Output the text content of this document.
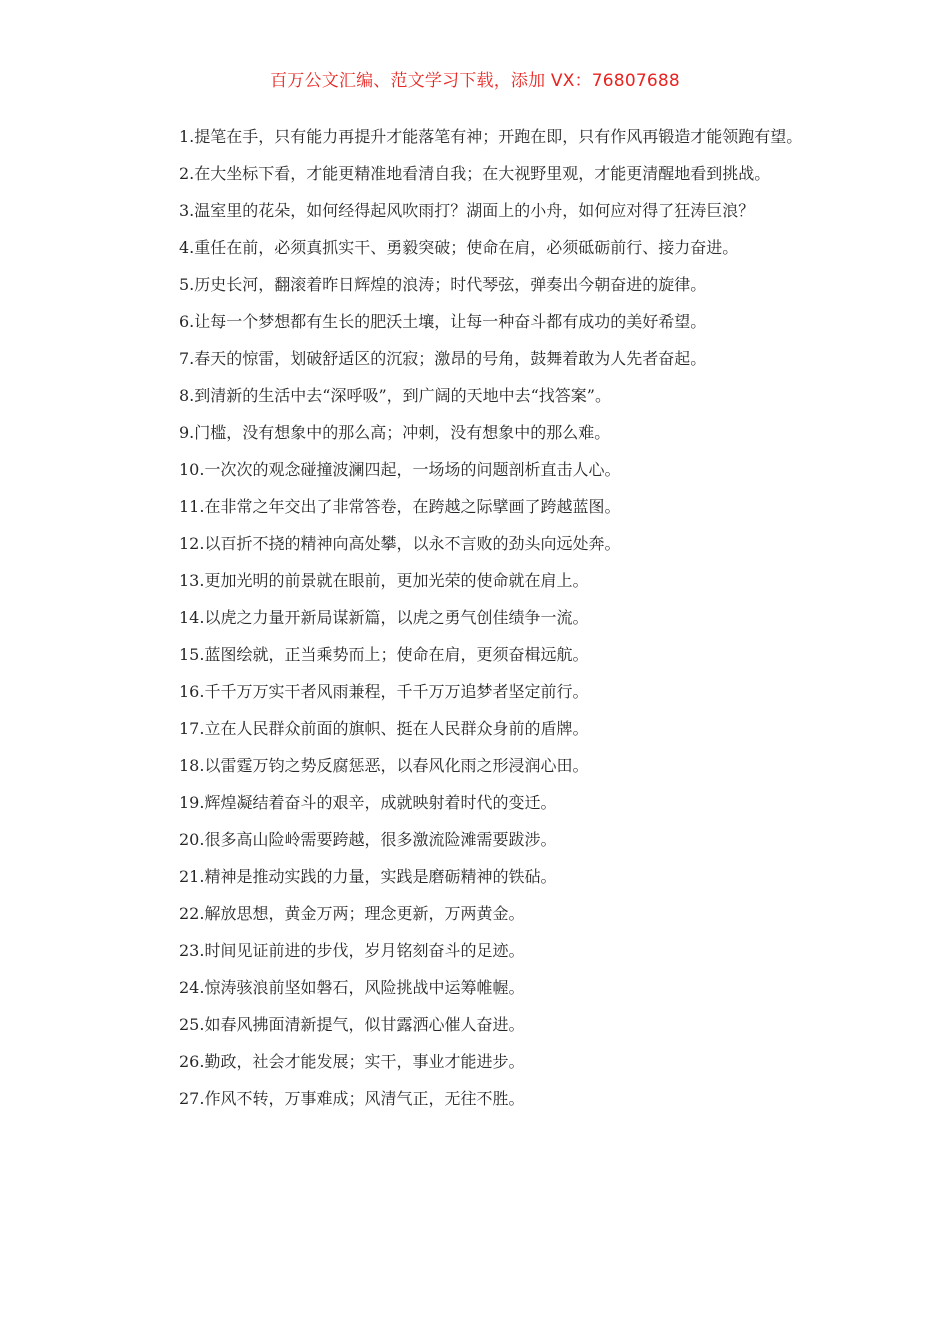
百万公文汇编、范文学习下载，添加 VX：76807688

1.提笔在手，只有能力再提升才能落笔有神；开跑在即，只有作风再锻造才能领跑有望。

2.在大坐标下看，才能更精准地看清自我；在大视野里观，才能更清醒地看到挑战。

3.温室里的花朵，如何经得起风吹雨打？湖面上的小舟，如何应对得了狂涛巨浪？

4.重任在前，必须真抓实干、勇毅突破；使命在肩，必须砥砺前行、接力奋进。

5.历史长河，翻滚着昨日辉煌的浪涛；时代琴弦，弹奏出今朝奋进的旋律。

6.让每一个梦想都有生长的肥沃土壤，让每一种奋斗都有成功的美好希望。

7.春天的惊雷，划破舒适区的沉寂；激昂的号角，鼓舞着敢为人先者奋起。

8.到清新的生活中去“深呼吸”，到广阔的天地中去“找答案”。

9.门槛，没有想象中的那么高；冲刺，没有想象中的那么难。

10.一次次的观念碰撞波澜四起，一场场的问题剖析直击人心。

11.在非常之年交出了非常答卷，在跨越之际擘画了跨越蓝图。

12.以百折不挠的精神向高处攀，以永不言败的劲头向远处奔。

13.更加光明的前景就在眼前，更加光荣的使命就在肩上。

14.以虎之力量开新局谋新篇，以虎之勇气创佳绩争一流。

15.蓝图绘就，正当乘势而上；使命在肩，更须奋楫远航。

16.千千万万实干者风雨兼程，千千万万追梦者坚定前行。

17.立在人民群众前面的旗帜、挺在人民群众身前的盾牌。

18.以雷霆万钧之势反腐惩恶，以春风化雨之形浸润心田。

19.辉煌凝结着奋斗的艰辛，成就映射着时代的变迁。

20.很多高山险岭需要跨越，很多激流险滩需要跋涉。

21.精神是推动实践的力量，实践是磨砺精神的铁砧。

22.解放思想，黄金万两；理念更新，万两黄金。

23.时间见证前进的步伐，岁月铭刻奋斗的足迹。

24.惊涛骇浪前坚如磐石，风险挑战中运筹帷幄。

25.如春风拂面清新提气，似甘露洒心催人奋进。

26.勤政，社会才能发展；实干，事业才能进步。

27.作风不转，万事难成；风清气正，无往不胜。
